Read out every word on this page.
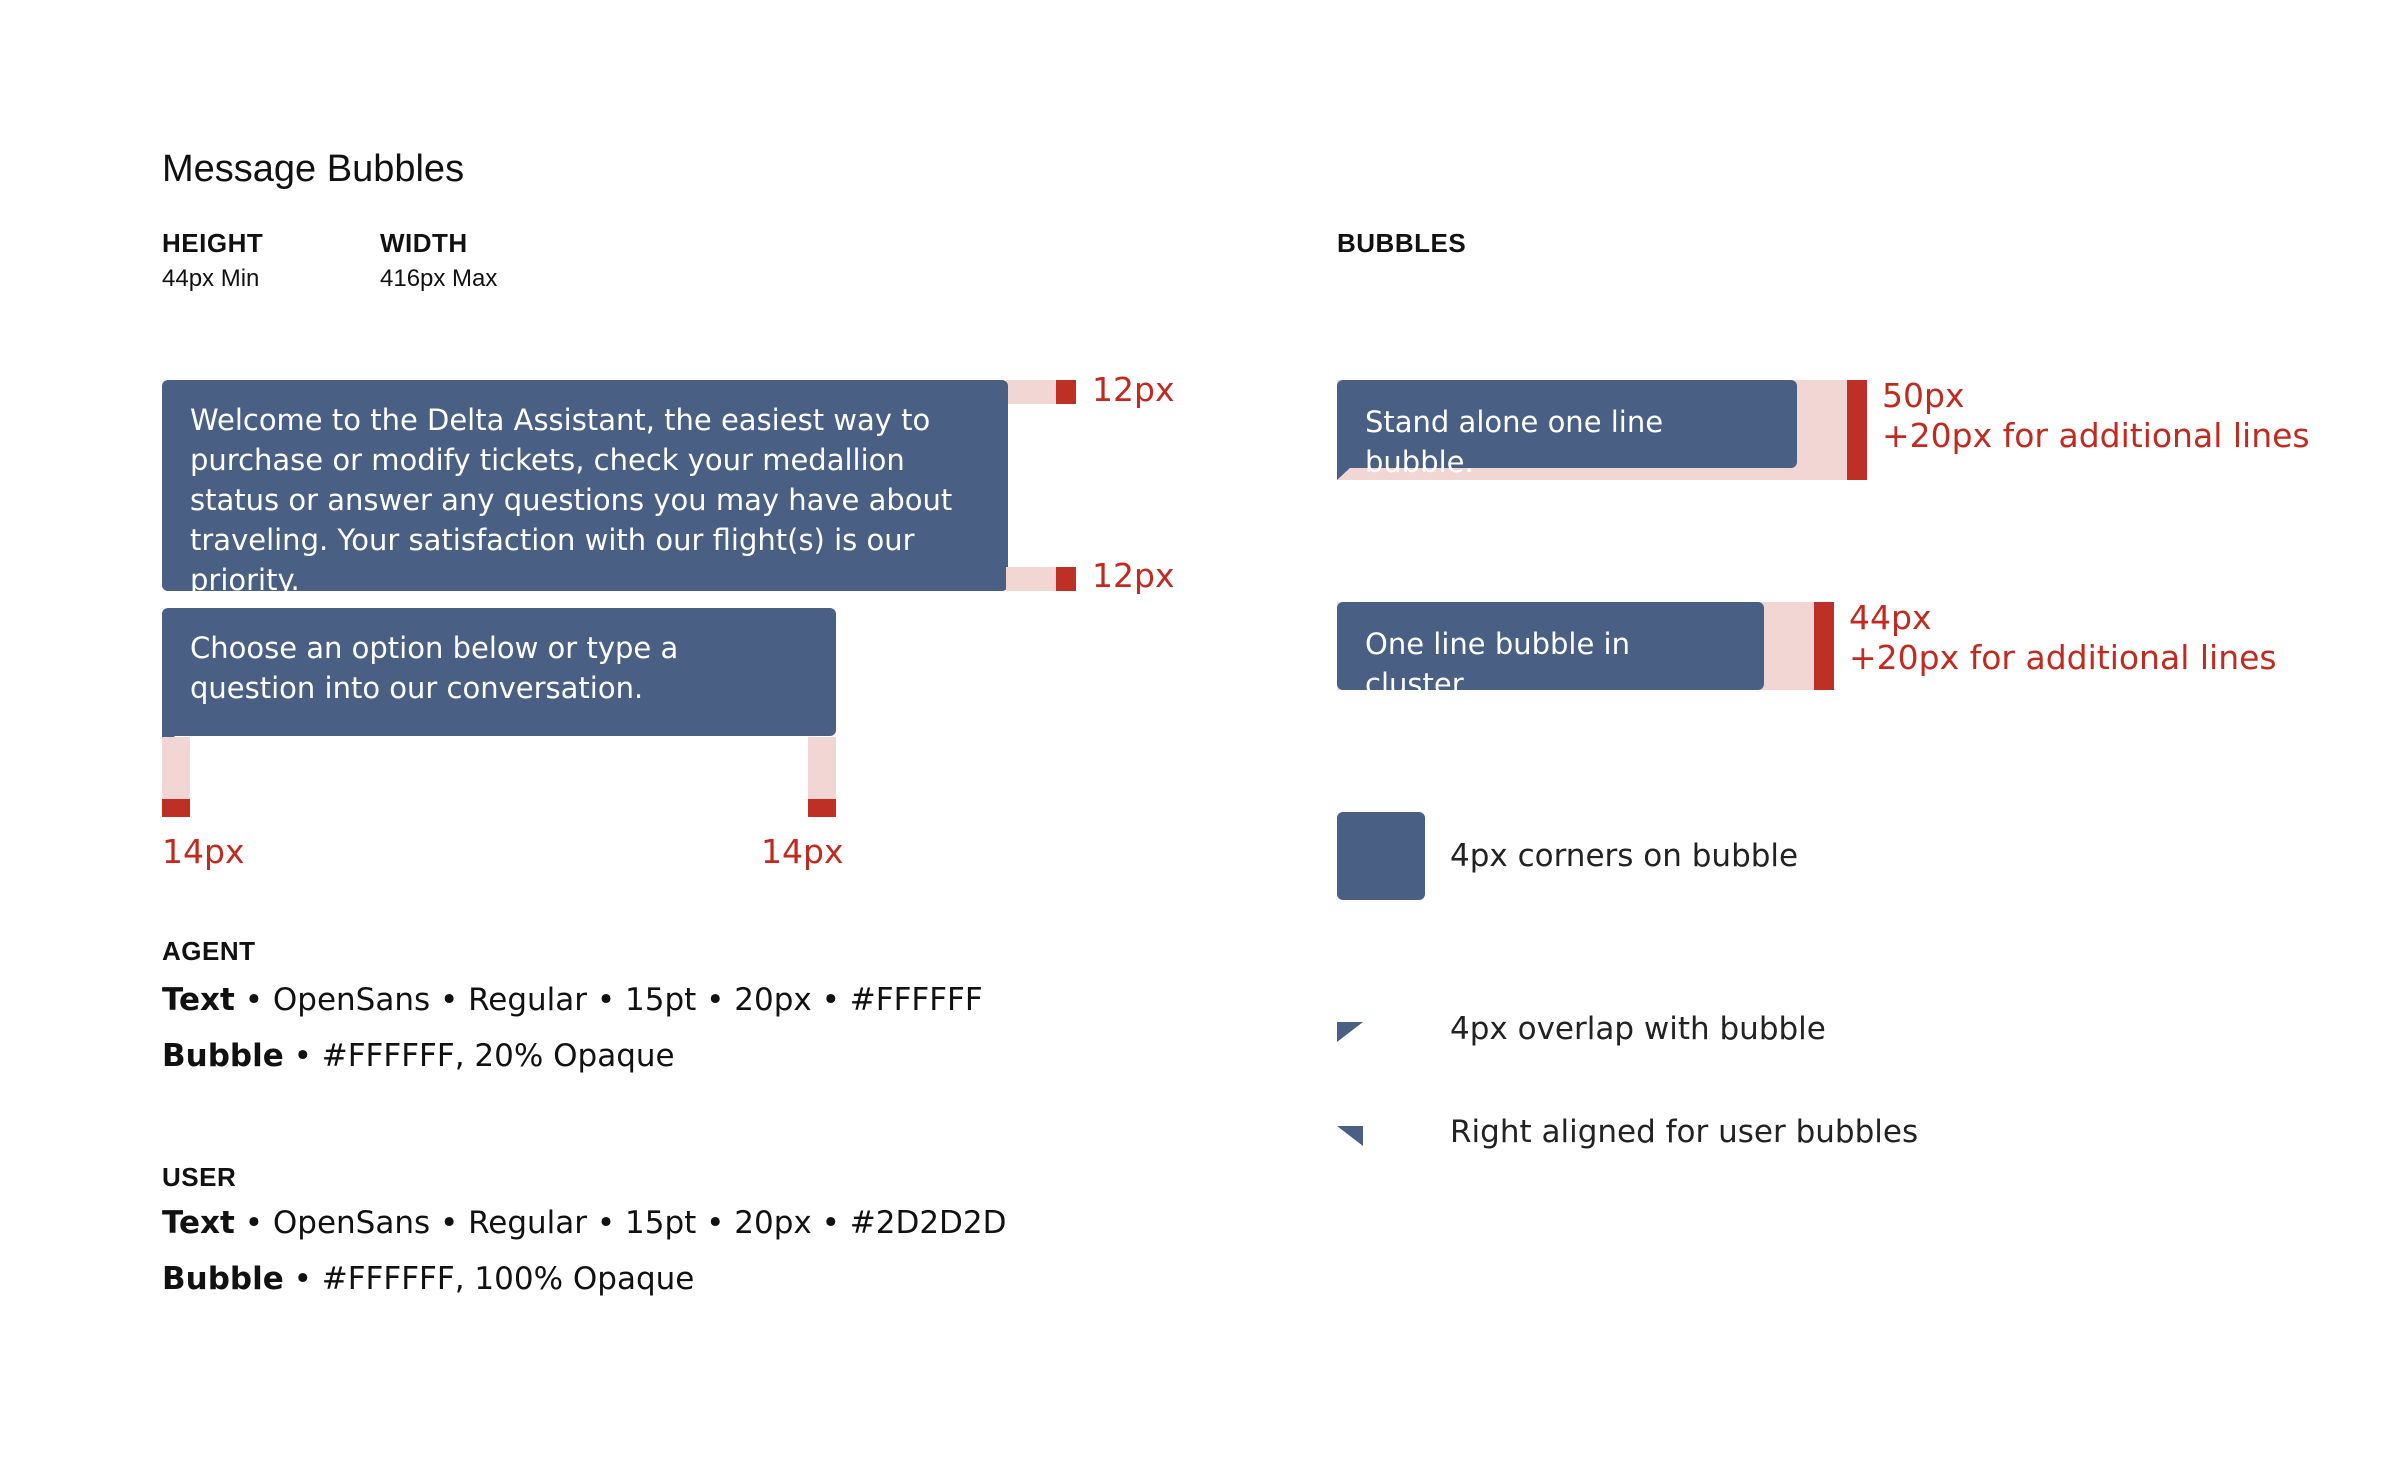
Message Bubbles
HEIGHT
44px Min
WIDTH
416px Max
BUBBLES
12px
Welcome to the Delta Assistant, the easiest way to purchase or modify tickets, check your medallion status or answer any questions you may have about traveling. Your satisfaction with our flight(s) is our priority.	12px
Choose an option below or type a question into our conversation.
14px	14px
AGENT
Text • OpenSans • Regular • 15pt • 20px • #FFFFFF
Bubble • #FFFFFF, 20% Opaque
USER
Text • OpenSans • Regular • 15pt • 20px • #2D2D2D
Bubble • #FFFFFF, 100% Opaque
Stand alone one line bubble.
50px
+20px for additional lines
One line bubble in cluster.
44px
+20px for additional lines
4px corners on bubble
4px overlap with bubble
Right aligned for user bubbles
